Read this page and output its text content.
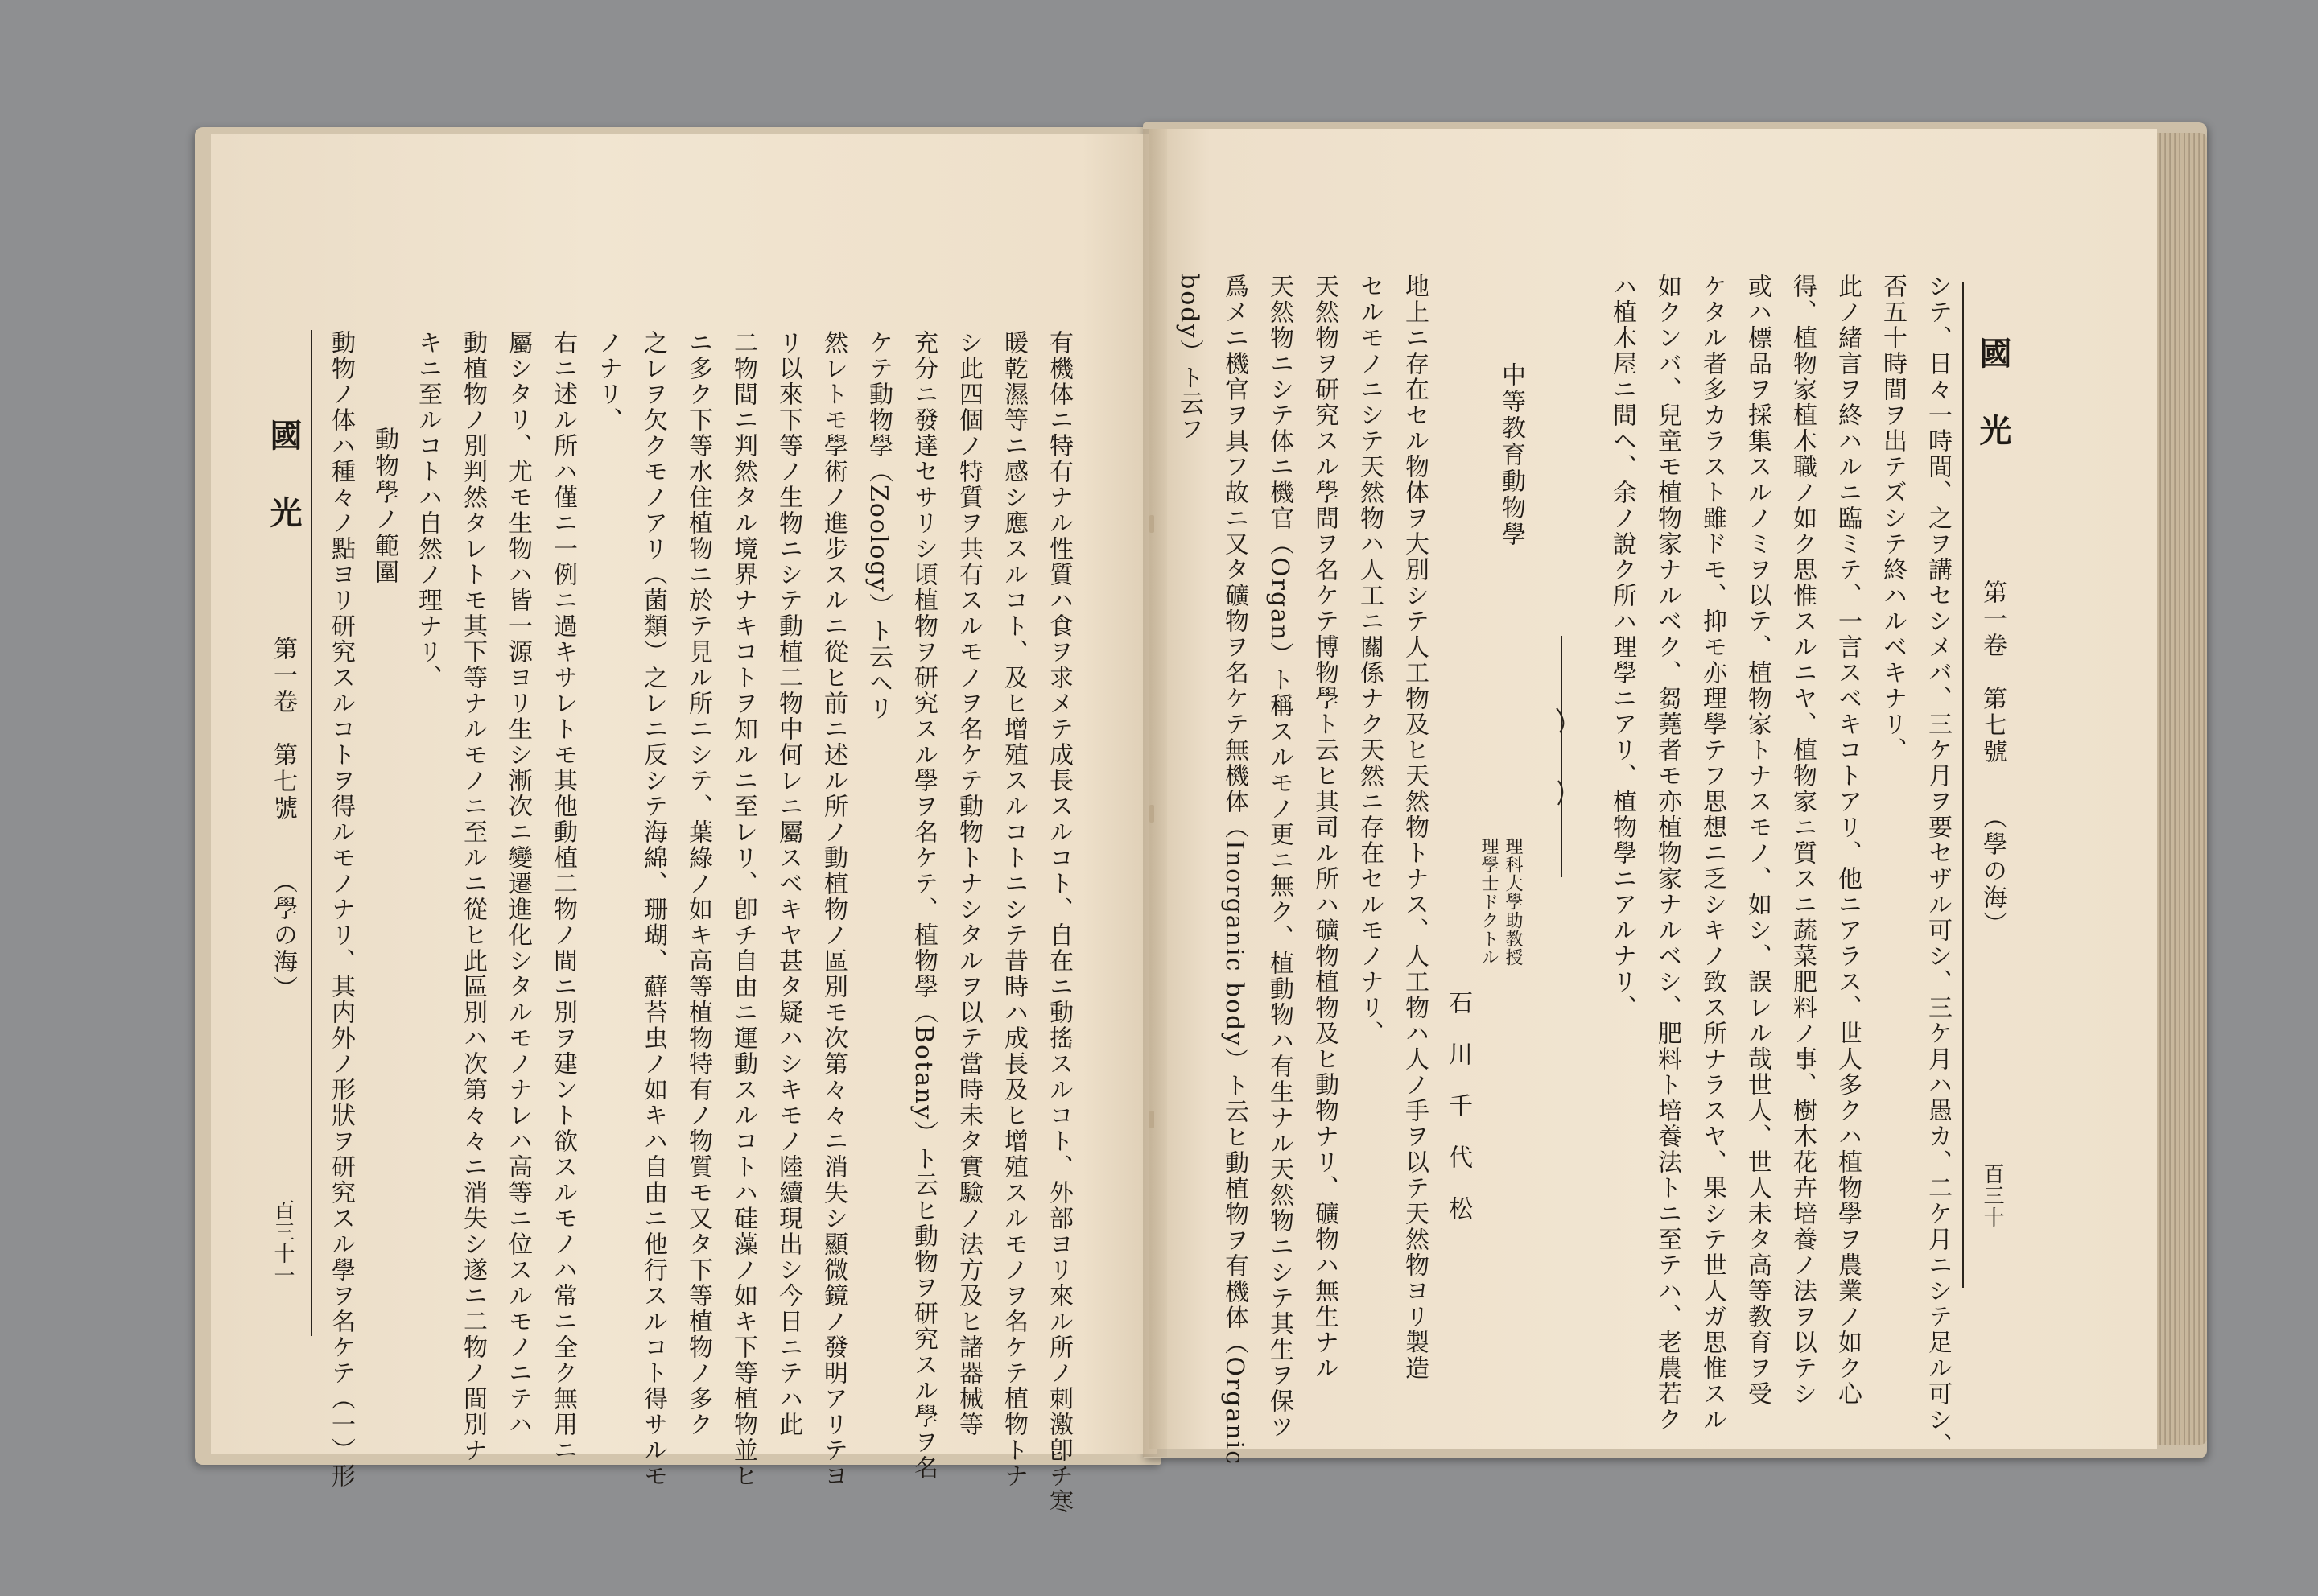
國　光
第一卷　第七號
（學の海）
百三十
シテ、日々一時間、之ヲ講セシメバ、三ケ月ヲ要セザル可シ、三ケ月ハ愚カ、二ケ月ニシテ足ル可シ、
否五十時間ヲ出テズシテ終ハルベキナリ、
此ノ緒言ヲ終ハルニ臨ミテ、一言スベキコトアリ、他ニアラス、世人多クハ植物學ヲ農業ノ如ク心
得、植物家植木職ノ如ク思惟スルニヤ、植物家ニ質スニ蔬菜肥料ノ事、樹木花卉培養ノ法ヲ以テシ
或ハ標品ヲ採集スルノミヲ以テ、植物家トナスモノ、如シ、誤レル哉世人、世人未タ高等教育ヲ受
ケタル者多カラスト雖ドモ、抑モ亦理學テフ思想ニ乏シキノ致ス所ナラスヤ、果シテ世人ガ思惟スル
如クンバ、兒童モ植物家ナルベク、芻蕘者モ亦植物家ナルベシ、肥料ト培養法トニ至テハ、老農若ク
ハ植木屋ニ問ヘ、余ノ說ク所ハ理學ニアリ、植物學ニアルナリ、
中等教育動物學
理科大學助教授
理學士ドクトル
石　川　千　代　松
地上ニ存在セル物体ヲ大別シテ人工物及ヒ天然物トナス、人工物ハ人ノ手ヲ以テ天然物ヨリ製造
セルモノニシテ天然物ハ人工ニ關係ナク天然ニ存在セルモノナリ、
天然物ヲ研究スル學問ヲ名ケテ博物學ト云ヒ其司ル所ハ礦物植物及ヒ動物ナリ、礦物ハ無生ナル
天然物ニシテ体ニ機官（Organ）ト稱スルモノ更ニ無ク、植動物ハ有生ナル天然物ニシテ其生ヲ保ツ
爲メニ機官ヲ具フ故ニ又タ礦物ヲ名ケテ無機体（Inorganic body）ト云ヒ動植物ヲ有機体（Organic
body）ト云フ
有機体ニ特有ナル性質ハ食ヲ求メテ成長スルコト、自在ニ動搖スルコト、外部ヨリ來ル所ノ刺激卽チ寒
暖乾濕等ニ感シ應スルコト、及ヒ增殖スルコトニシテ昔時ハ成長及ヒ增殖スルモノヲ名ケテ植物トナ
シ此四個ノ特質ヲ共有スルモノヲ名ケテ動物トナシタルヲ以テ當時未タ實驗ノ法方及ヒ諸器械等
充分ニ發達セサリシ頃植物ヲ研究スル學ヲ名ケテ、植物學（Botany）ト云ヒ動物ヲ研究スル學ヲ名
ケテ動物學（Zoology）ト云ヘリ
然レトモ學術ノ進步スルニ從ヒ前ニ述ル所ノ動植物ノ區別モ次第々々ニ消失シ顯微鏡ノ發明アリテヨ
リ以來下等ノ生物ニシテ動植二物中何レニ屬スベキヤ甚タ疑ハシキモノ陸續現出シ今日ニテハ此
二物間ニ判然タル境界ナキコトヲ知ルニ至レリ、卽チ自由ニ運動スルコトハ硅藻ノ如キ下等植物並ヒ
ニ多ク下等水住植物ニ於テ見ル所ニシテ、葉綠ノ如キ高等植物特有ノ物質モ又タ下等植物ノ多ク
之レヲ欠クモノアリ（菌類）之レニ反シテ海綿、珊瑚、蘚苔虫ノ如キハ自由ニ他行スルコト得サルモ
ノナリ、
右ニ述ル所ハ僅ニ一例ニ過キサレトモ其他動植二物ノ間ニ別ヲ建ント欲スルモノハ常ニ全ク無用ニ
屬シタリ、尤モ生物ハ皆一源ヨリ生シ漸次ニ變遷進化シタルモノナレハ高等ニ位スルモノニテハ
動植物ノ別判然タレトモ其下等ナルモノニ至ルニ從ヒ此區別ハ次第々々ニ消失シ遂ニ二物ノ間別ナ
キニ至ルコトハ自然ノ理ナリ、
動物學ノ範圍
動物ノ体ハ種々ノ點ヨリ研究スルコトヲ得ルモノナリ、其内外ノ形狀ヲ研究スル學ヲ名ケテ（一）形
國　光
第一卷　第七號
（學の海）
百三十一
